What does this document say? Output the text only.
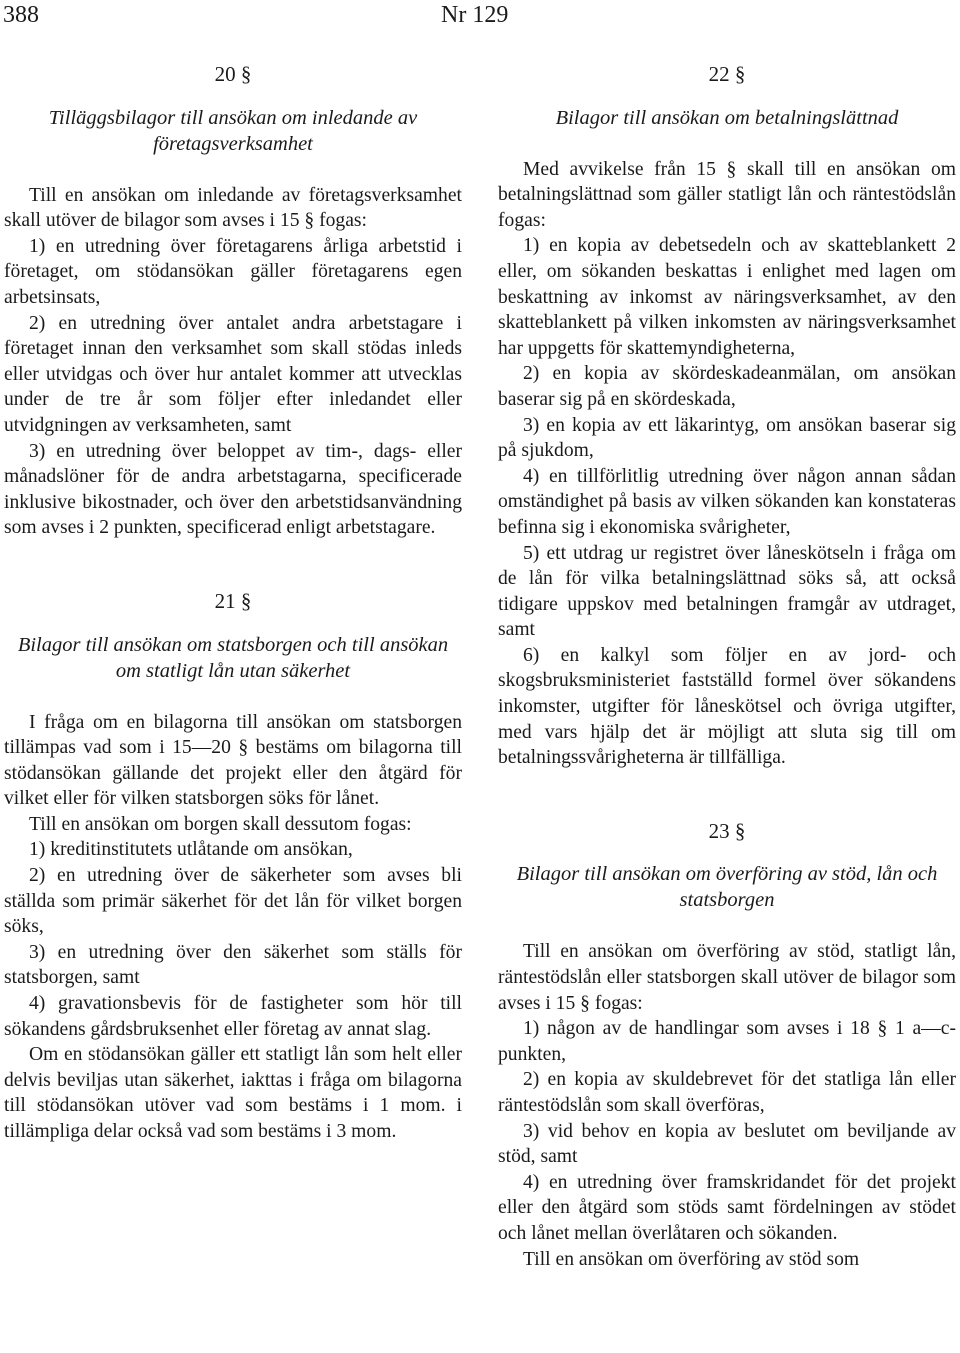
388	Nr 129
20 §
Tilläggsbilagor till ansökan om inledande av företagsverksamhet

Till en ansökan om inledande av företagsverksamhet skall utöver de bilagor som avses i 15 § fogas:

1) en utredning över företagarens årliga arbetstid i företaget, om stödansökan gäller företagarens egen arbetsinsats,

2) en utredning över antalet andra arbetstagare i företaget innan den verksamhet som skall stödas inleds eller utvidgas och över hur antalet kommer att utvecklas under de tre år som följer efter inledandet eller utvidgningen av verksamheten, samt

3) en utredning över beloppet av tim-, dags- eller månadslöner för de andra arbetstagarna, specificerade inklusive bikostnader, och över den arbetstidsanvändning som avses i 2 punkten, specificerad enligt arbetstagare.

21 §
Bilagor till ansökan om statsborgen och till ansökan om statligt lån utan säkerhet

I fråga om en bilagorna till ansökan om statsborgen tillämpas vad som i 15—20 § bestäms om bilagorna till stödansökan gällande det projekt eller den åtgärd för vilket eller för vilken statsborgen söks för lånet.

Till en ansökan om borgen skall dessutom fogas:

1) kreditinstitutets utlåtande om ansökan,

2) en utredning över de säkerheter som avses bli ställda som primär säkerhet för det lån för vilket borgen söks,

3) en utredning över den säkerhet som ställs för statsborgen, samt

4) gravationsbevis för de fastigheter som hör till sökandens gårdsbruksenhet eller företag av annat slag.

Om en stödansökan gäller ett statligt lån som helt eller delvis beviljas utan säkerhet, iakttas i fråga om bilagorna till stödansökan utöver vad som bestäms i 1 mom. i tillämpliga delar också vad som bestäms i 3 mom.

22 §
Bilagor till ansökan om betalningslättnad

Med avvikelse från 15 § skall till en ansökan om betalningslättnad som gäller statligt lån och räntestödslån fogas:

1) en kopia av debetsedeln och av skatteblankett 2 eller, om sökanden beskattas i enlighet med lagen om beskattning av inkomst av näringsverksamhet, av den skatteblankett på vilken inkomsten av näringsverksamhet har uppgetts för skattemyndigheterna,

2) en kopia av skördeskadeanmälan, om ansökan baserar sig på en skördeskada,

3) en kopia av ett läkarintyg, om ansökan baserar sig på sjukdom,

4) en tillförlitlig utredning över någon annan sådan omständighet på basis av vilken sökanden kan konstateras befinna sig i ekonomiska svårigheter,

5) ett utdrag ur registret över låneskötseln i fråga om de lån för vilka betalningslättnad söks så, att också tidigare uppskov med betalningen framgår av utdraget, samt

6) en kalkyl som följer en av jord- och skogsbruksministeriet fastställd formel över sökandens inkomster, utgifter för låneskötsel och övriga utgifter, med vars hjälp det är möjligt att sluta sig till om betalningssvårigheterna är tillfälliga.

23 §
Bilagor till ansökan om överföring av stöd, lån och statsborgen

Till en ansökan om överföring av stöd, statligt lån, räntestödslån eller statsborgen skall utöver de bilagor som avses i 15 § fogas:

1) någon av de handlingar som avses i 18 § 1 a—c-punkten,

2) en kopia av skuldebrevet för det statliga lån eller räntestödslån som skall överföras,

3) vid behov en kopia av beslutet om beviljande av stöd, samt

4) en utredning över framskridandet för det projekt eller den åtgärd som stöds samt fördelningen av stödet och lånet mellan överlåtaren och sökanden.

Till en ansökan om överföring av stöd som
